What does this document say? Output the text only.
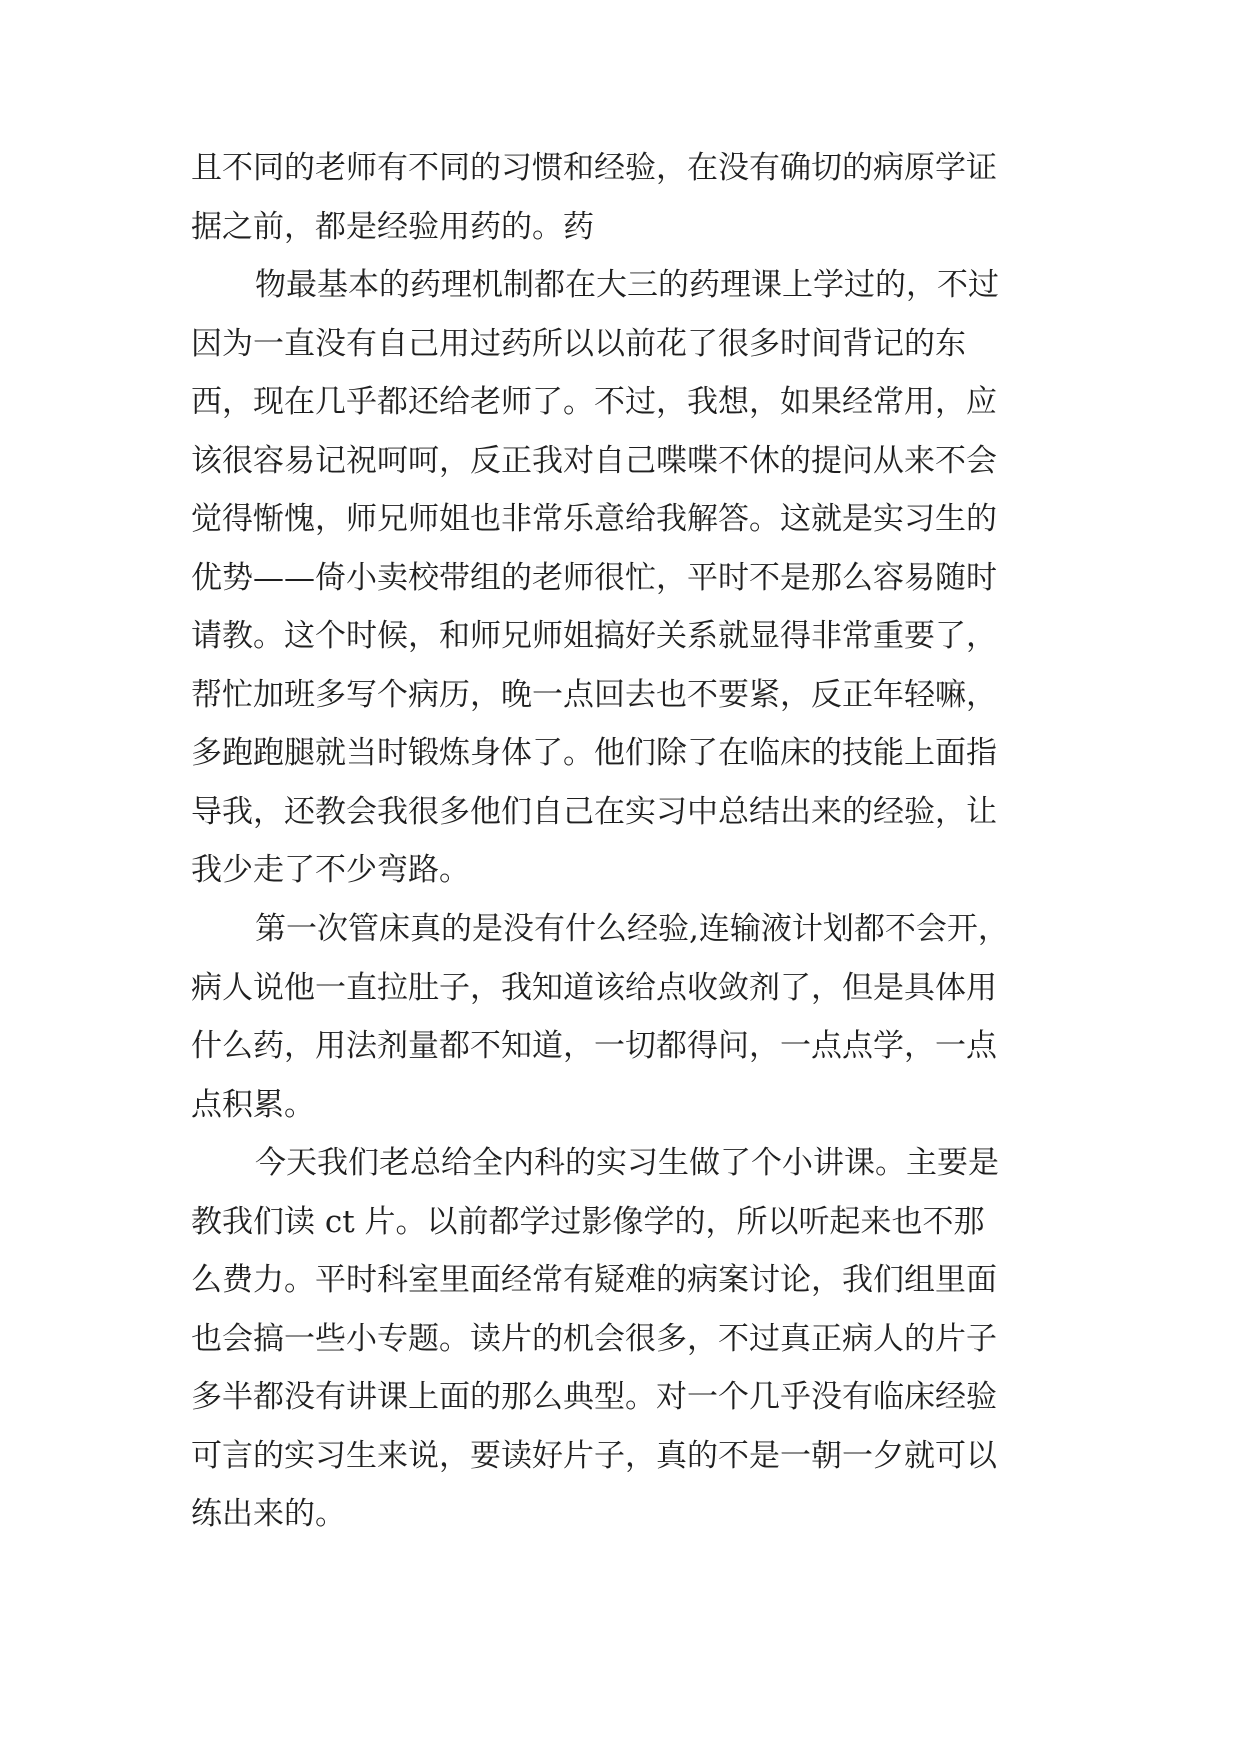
且不同的老师有不同的习惯和经验，在没有确切的病原学证
据之前，都是经验用药的。药
物最基本的药理机制都在大三的药理课上学过的，不过
因为一直没有自己用过药所以以前花了很多时间背记的东
西，现在几乎都还给老师了。不过，我想，如果经常用，应
该很容易记祝呵呵，反正我对自己喋喋不休的提问从来不会
觉得惭愧，师兄师姐也非常乐意给我解答。这就是实习生的
优势——倚小卖校带组的老师很忙，平时不是那么容易随时
请教。这个时候，和师兄师姐搞好关系就显得非常重要了，
帮忙加班多写个病历，晚一点回去也不要紧，反正年轻嘛，
多跑跑腿就当时锻炼身体了。他们除了在临床的技能上面指
导我，还教会我很多他们自己在实习中总结出来的经验，让
我少走了不少弯路。
第一次管床真的是没有什么经验,连输液计划都不会开，
病人说他一直拉肚子，我知道该给点收敛剂了，但是具体用
什么药，用法剂量都不知道，一切都得问，一点点学，一点
点积累。
今天我们老总给全内科的实习生做了个小讲课。主要是
教我们读 ct 片。以前都学过影像学的，所以听起来也不那
么费力。平时科室里面经常有疑难的病案讨论，我们组里面
也会搞一些小专题。读片的机会很多，不过真正病人的片子
多半都没有讲课上面的那么典型。对一个几乎没有临床经验
可言的实习生来说，要读好片子，真的不是一朝一夕就可以
练出来的。
